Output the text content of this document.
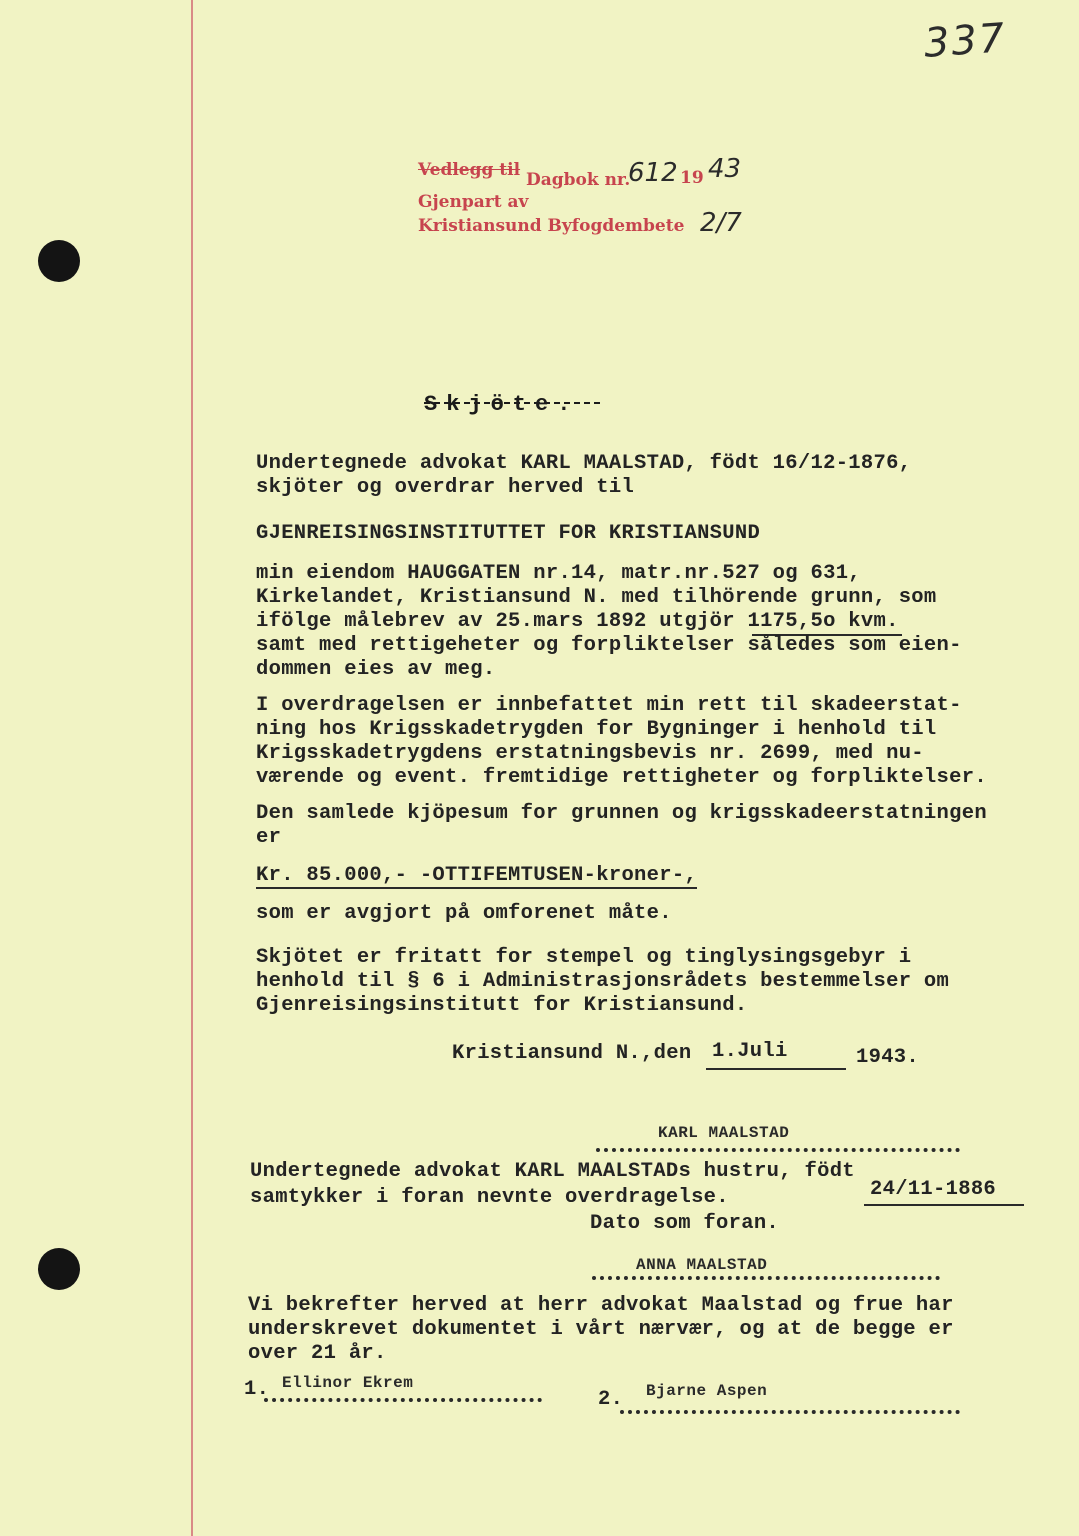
337
Vedlegg til Dagbok nr.
612 19 43
Gjenpart av
Kristiansund Byfogdembete 2/7
Skjöte.
Undertegnede advokat KARL MAALSTAD, födt 16/12-1876,
skjöter og overdrar herved til
GJENREISINGSINSTITUTTET FOR KRISTIANSUND
min eiendom HAUGGATEN nr.14, matr.nr.527 og 631,
Kirkelandet, Kristiansund N. med tilhörende grunn, som
ifölge målebrev av 25.mars 1892 utgjör 1175,5o kvm.
samt med rettigeheter og forpliktelser således som eien-
dommen eies av meg.
I overdragelsen er innbefattet min rett til skadeerstat-
ning hos Krigsskadetrygden for Bygninger i henhold til
Krigsskadetrygdens erstatningsbevis nr. 2699, med nu-
værende og event. fremtidige rettigheter og forpliktelser.
Den samlede kjöpesum for grunnen og krigsskadeerstatningen
er
Kr. 85.000,- -OTTIFEMTUSEN-kroner-,
som er avgjort på omforenet måte.
Skjötet er fritatt for stempel og tinglysingsgebyr i
henhold til § 6 i Administrasjonsrådets bestemmelser om
Gjenreisingsinstitutt for Kristiansund.
Kristiansund N.,den 1.Juli	1943.
KARL MAALSTAD
Undertegnede advokat KARL MAALSTADs hustru, födt
24/11-1886
samtykker i foran nevnte overdragelse.
Dato som foran.
ANNA MAALSTAD
Vi bekrefter herved at herr advokat Maalstad og frue har
underskrevet dokumentet i vårt nærvær, og at de begge er
over 21 år.
1. Ellinor Ekrem
2. Bjarne Aspen
